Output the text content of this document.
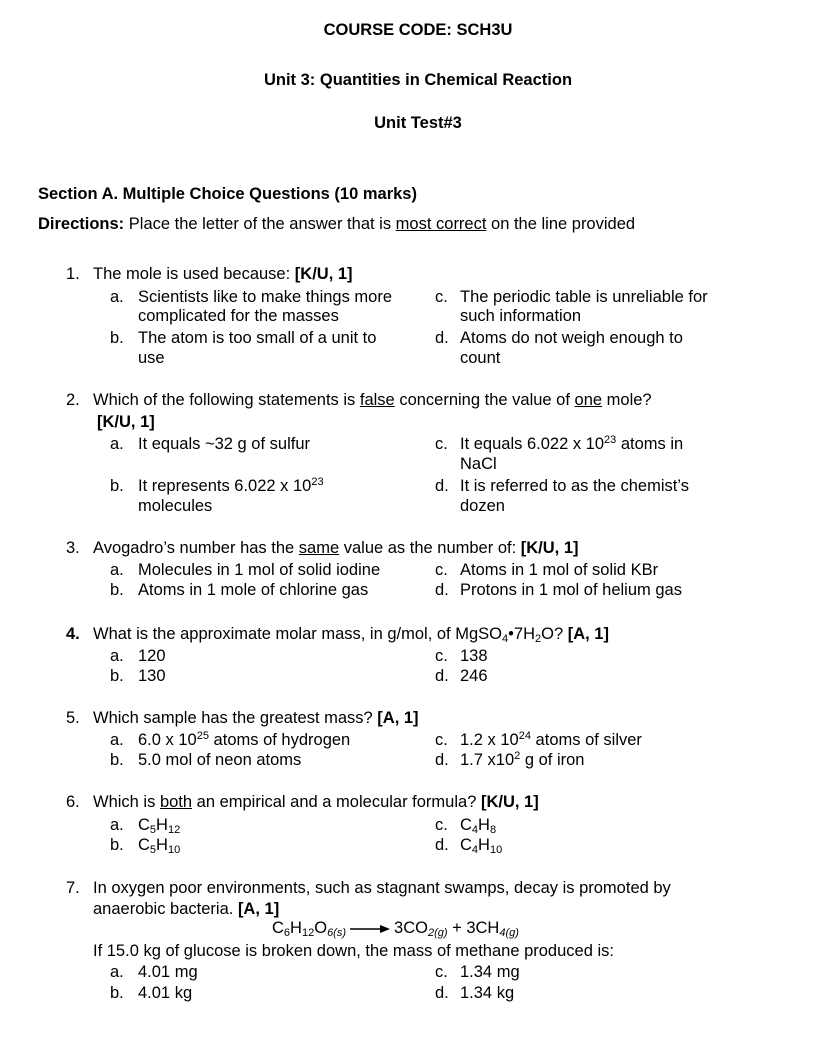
COURSE CODE: SCH3U
Unit 3: Quantities in Chemical Reaction
Unit Test#3
Section A. Multiple Choice Questions (10 marks)
Directions: Place the letter of the answer that is most correct on the line provided
1. The mole is used because: [K/U, 1]
a. Scientists like to make things more
complicated for the masses
b. The atom is too small of a unit to
use
c. The periodic table is unreliable for
such information
d. Atoms do not weigh enough to
count
2. Which of the following statements is false concerning the value of one mole?
[K/U, 1]
a. It equals ~32 g of sulfur
b. It represents 6.022 x $10^{23}$
molecules
c. It equals 6.022 x $10^{23}$ atoms in
NaCl
d. It is referred to as the chemist’s
dozen
3. Avogadro’s number has the same value as the number of: [K/U, 1]
a. Molecules in 1 mol of solid iodine
b. Atoms in 1 mole of chlorine gas
c. Atoms in 1 mol of solid KBr
d. Protons in 1 mol of helium gas
4. What is the approximate molar mass, in g/mol, of $MgSO_4•7H_2O$? [A, 1]
a. 120
b. 130
c. 138
d. 246
5. Which sample has the greatest mass? [A, 1]
a. 6.0 x $10^{25}$ atoms of hydrogen
b. 5.0 mol of neon atoms
c. 1.2 x $10^{24}$ atoms of silver
d. 1.7 $x10^2$ g of iron
6. Which is both an empirical and a molecular formula? [K/U, 1]
a. $C_5H_{12}$
b. $C_5H_{10}$
c. $C_4H_8$
d. $C_4H_{10}$
7. In oxygen poor environments, such as stagnant swamps, decay is promoted by
anaerobic bacteria. [A, 1]
$C_6H_{12}O_{6(s)} \to 3CO_{2(g)} + 3CH_{4(g)}$
If 15.0 kg of glucose is broken down, the mass of methane produced is:
a. 4.01 mg
b. 4.01 kg
c. 1.34 mg
d. 1.34 kg
